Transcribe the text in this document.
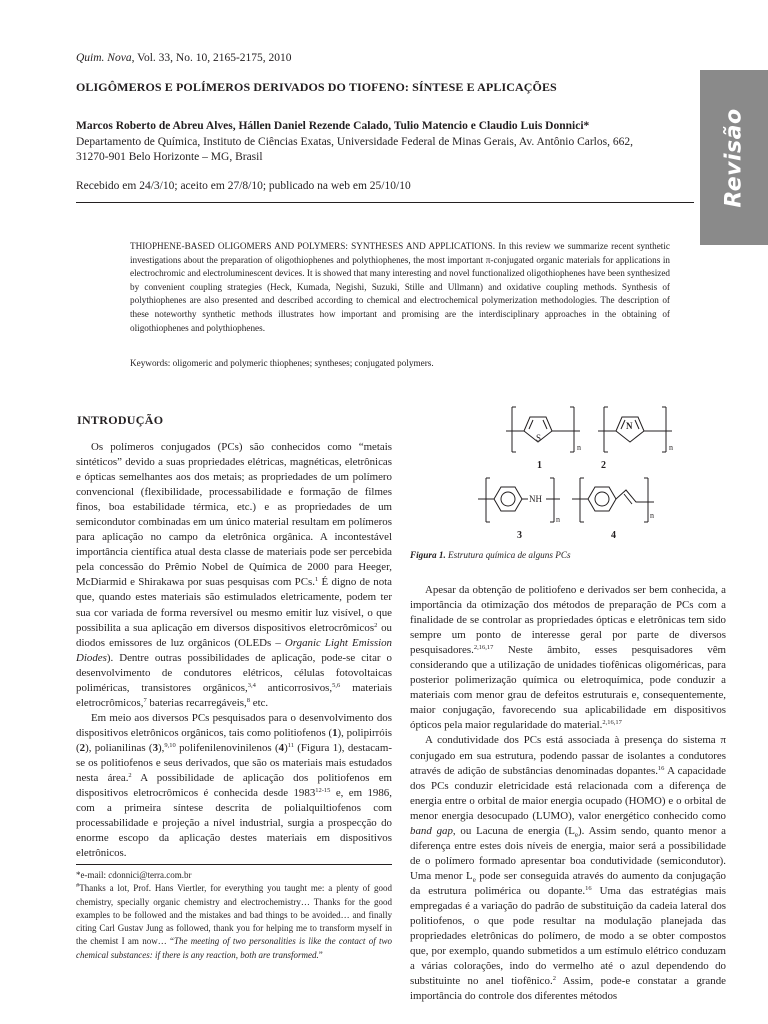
Quim. Nova, Vol. 33, No. 10, 2165-2175, 2010
Revisão
OLIGÔMEROS E POLÍMEROS DERIVADOS DO TIOFENO: SÍNTESE E APLICAÇÕES
Marcos Roberto de Abreu Alves, Hállen Daniel Rezende Calado, Tulio Matencio e Claudio Luis Donnici*
Departamento de Química, Instituto de Ciências Exatas, Universidade Federal de Minas Gerais, Av. Antônio Carlos, 662,
31270-901 Belo Horizonte – MG, Brasil
Recebido em 24/3/10; aceito em 27/8/10; publicado na web em 25/10/10
THIOPHENE-BASED OLIGOMERS AND POLYMERS: SYNTHESES AND APPLICATIONS. In this review we summarize recent synthetic investigations about the preparation of oligothiophenes and polythiophenes, the most important π-conjugated organic materials for applications in electrochromic and electroluminescent devices. It is showed that many interesting and novel functionalized oligothiophenes have been synthesized by convenient coupling strategies (Heck, Kumada, Negishi, Suzuki, Stille and Ullmann) and oxidative coupling methods. Synthesis of polythiophenes are also presented and described according to chemical and electrochemical polymerization methodologies. The description of these noteworthy synthetic methods illustrates how important and promising are the interdisciplinary approaches in the obtaining of oligothiophenes and polythiophenes.
Keywords: oligomeric and polymeric thiophenes; syntheses; conjugated polymers.
INTRODUÇÃO

Os polímeros conjugados (PCs) são conhecidos como “metais sintéticos” devido a suas propriedades elétricas, magnéticas, eletrônicas e ópticas semelhantes aos dos metais; as propriedades de um polímero convencional (flexibilidade, processabilidade e formação de filmes finos, boa estabilidade térmica, etc.) e as propriedades de um semicondutor combinadas em um único material resultam em polímeros para aplicação no campo da eletrônica orgânica. A incontestável importância científica atual desta classe de materiais pode ser percebida pela concessão do Prêmio Nobel de Química de 2000 para Heeger, McDiarmid e Shirakawa por suas pesquisas com PCs.$^1$ É digno de nota que, quando estes materiais são estimulados eletricamente, podem ter sua cor variada de forma reversível ou mesmo emitir luz visível, o que possibilita a sua aplicação em diversos dispositivos eletrocrômicos$^2$ ou diodos emissores de luz orgânicos (OLEDs – Organic Light Emission Diodes). Dentre outras possibilidades de aplicação, pode-se citar o desenvolvimento de condutores elétricos, células fotovoltaicas poliméricas, transistores orgânicos,$^{3,4}$ anticorrosivos,$^{5,6}$ materiais eletrocrômicos,$^7$ baterias recarregáveis,$^8$ etc.

Em meio aos diversos PCs pesquisados para o desenvolvimento dos dispositivos eletrônicos orgânicos, tais como politiofenos (1), polipirróis (2), polianilinas (3),$^{9,10}$ polifenilenovinilenos $(4)^{11}$ (Figura 1), destacam-se os politiofenos e seus derivados, que são os materiais mais estudados nesta área.$^2$ A possibilidade de aplicação dos politiofenos em dispositivos eletrocrômicos é conhecida desde 1983$^{12-15}$ e, em 1986, com a primeira síntese descrita de polialquiltiofenos com processabilidade e projeção a nível industrial, surgia a prospecção do enorme escopo da aplicação destes materiais em dispositivos eletrônicos.

*e-mail: cdonnici@terra.com.br

#Thanks a lot, Prof. Hans Viertler, for everything you taught me: a plenty of good chemistry, specially organic chemistry and electrochemistry… Thanks for the good examples to be followed and the mistakes and bad things to be avoided… and finally citing Carl Gustav Jung as followed, thank you for helping me to transform myself in the chemist I am now… “The meeting of two personalities is like the contact of two chemical substances: if there is any reaction, both are transformed.”

S
N
NH
n	n
n	n
1	2
3	4
Figura 1. Estrutura química de alguns PCs

Apesar da obtenção de politiofeno e derivados ser bem conhecida, a importância da otimização dos métodos de preparação de PCs com a finalidade de se controlar as propriedades ópticas e eletrônicas tem sido sempre um ponto de interesse geral por parte de diversos pesquisadores.$^{2,16,17}$ Neste âmbito, esses pesquisadores vêm considerando que a utilização de unidades tiofênicas oligoméricas, para posterior polimerização química ou eletroquímica, pode conduzir a materiais com menor grau de defeitos estruturais e, consequentemente, maior conjugação, favorecendo sua aplicabilidade em dispositivos ópticos pela maior regularidade do material.$^{2,16,17}$

A condutividade dos PCs está associada à presença do sistema π conjugado em sua estrutura, podendo passar de isolantes a condutores através de adição de substâncias denominadas dopantes.$^{16}$ A capacidade dos PCs conduzir eletricidade está relacionada com a diferença de energia entre o orbital de maior energia ocupado (HOMO) e o orbital de menor energia desocupado (LUMO), valor energético conhecido como band gap, ou Lacuna de energia $(L_e)$. Assim sendo, quanto menor a diferença entre estes dois níveis de energia, maior será a possibilidade de o polímero formado apresentar boa condutividade (semicondutor). Uma menor $L_e$ pode ser conseguida através do aumento da conjugação da estrutura polimérica ou dopante.$^{16}$ Uma das estratégias mais empregadas é a variação do padrão de substituição da cadeia lateral dos politiofenos, o que pode resultar na modulação planejada das propriedades eletrônicas do polímero, de modo a se obter compostos que, por exemplo, quando submetidos a um estímulo elétrico conduzam a várias colorações, indo do vermelho até o azul dependendo do substituinte no anel tiofênico.$^2$ Assim, pode-e constatar a grande importância do controle dos diferentes métodos
